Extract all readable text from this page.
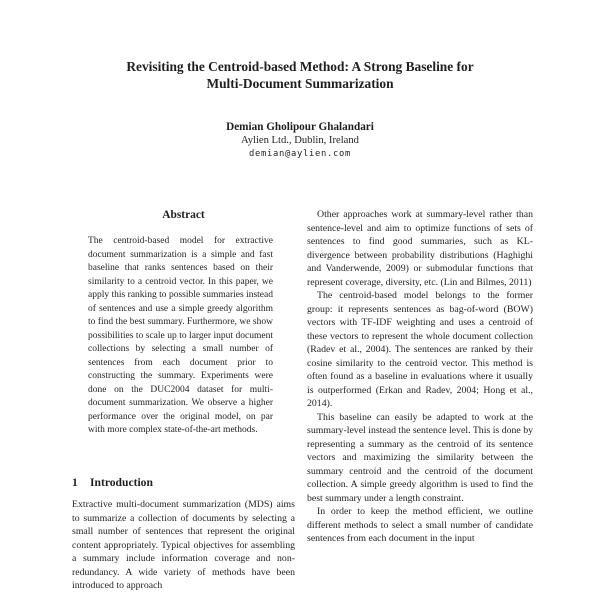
Revisiting the Centroid-based Method: A Strong Baseline for
Multi-Document Summarization
Demian Gholipour Ghalandari
Aylien Ltd., Dublin, Ireland
demian@aylien.com
Abstract
The centroid-based model for extractive document summarization is a simple and fast baseline that ranks sentences based on their similarity to a centroid vector. In this paper, we apply this ranking to possible summaries instead of sentences and use a simple greedy algorithm to find the best summary. Furthermore, we show possibilities to scale up to larger input document collections by selecting a small number of sentences from each document prior to constructing the summary. Experiments were done on the DUC2004 dataset for multi-document summarization. We observe a higher performance over the original model, on par with more complex state-of-the-art methods.
1 Introduction
Extractive multi-document summarization (MDS) aims to summarize a collection of documents by selecting a small number of sentences that represent the original content appropriately. Typical objectives for assembling a summary include information coverage and non-redundancy. A wide variety of methods have been introduced to approach

Other approaches work at summary-level rather than sentence-level and aim to optimize functions of sets of sentences to find good summaries, such as KL-divergence between probability distributions (Haghighi and Vanderwende, 2009) or submodular functions that represent coverage, diversity, etc. (Lin and Bilmes, 2011)

The centroid-based model belongs to the former group: it represents sentences as bag-of-word (BOW) vectors with TF-IDF weighting and uses a centroid of these vectors to represent the whole document collection (Radev et al., 2004). The sentences are ranked by their cosine similarity to the centroid vector. This method is often found as a baseline in evaluations where it usually is outperformed (Erkan and Radev, 2004; Hong et al., 2014).

This baseline can easily be adapted to work at the summary-level instead the sentence level. This is done by representing a summary as the centroid of its sentence vectors and maximizing the similarity between the summary centroid and the centroid of the document collection. A simple greedy algorithm is used to find the best summary under a length constraint.

In order to keep the method efficient, we outline different methods to select a small number of candidate sentences from each document in the input
